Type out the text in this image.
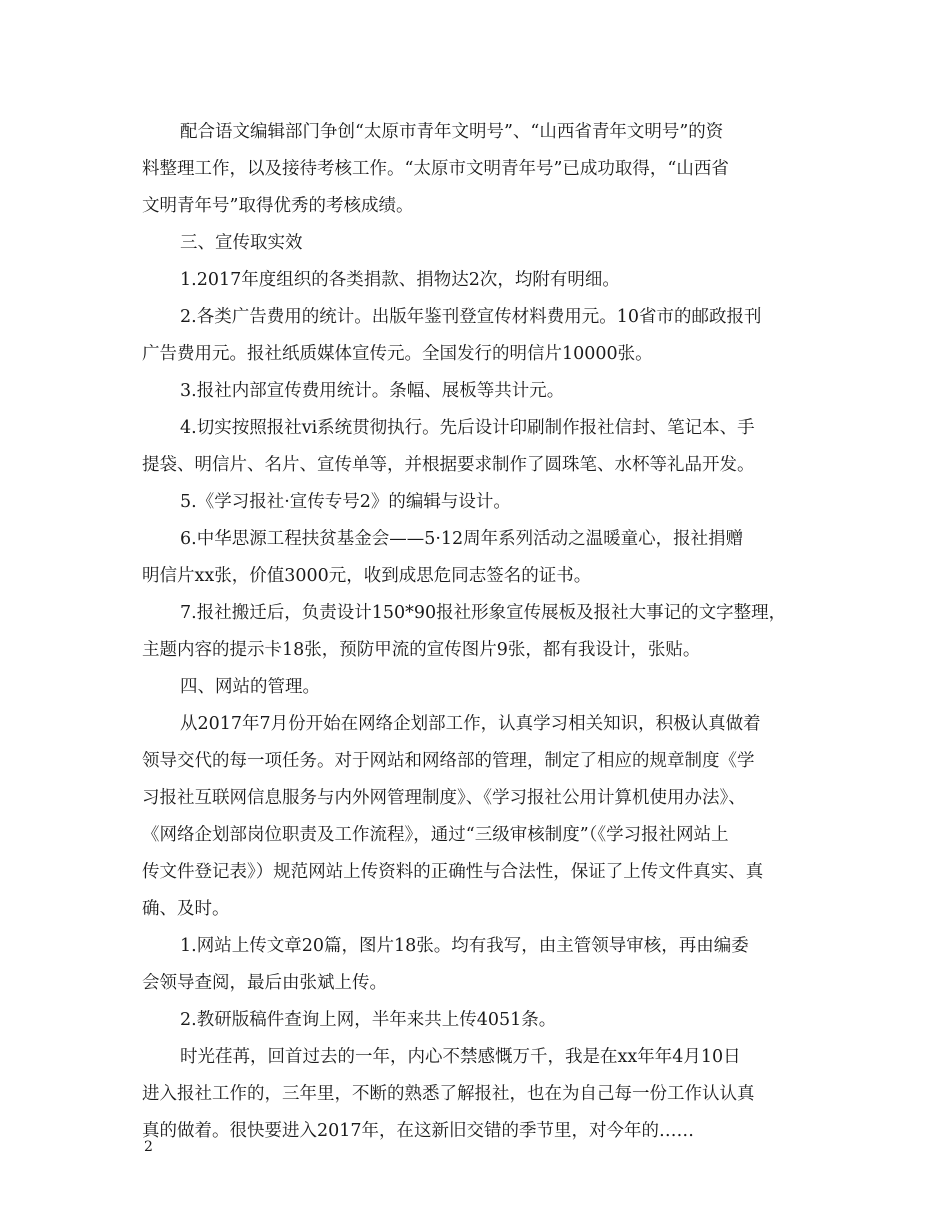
配合语文编辑部门争创“太原市青年文明号”、“山西省青年文明号”的资
料整理工作，以及接待考核工作。“太原市文明青年号”已成功取得，“山西省
文明青年号”取得优秀的考核成绩。
三、宣传取实效
1.2017年度组织的各类捐款、捐物达2次，均附有明细。
2.各类广告费用的统计。出版年鉴刊登宣传材料费用元。10省市的邮政报刊
广告费用元。报社纸质媒体宣传元。全国发行的明信片10000张。
3.报社内部宣传费用统计。条幅、展板等共计元。
4.切实按照报社vi系统贯彻执行。先后设计印刷制作报社信封、笔记本、手
提袋、明信片、名片、宣传单等，并根据要求制作了圆珠笔、水杯等礼品开发。
5.《学习报社·宣传专号2》的编辑与设计。
6.中华思源工程扶贫基金会——5·12周年系列活动之温暖童心，报社捐赠
明信片xx张，价值3000元，收到成思危同志签名的证书。
7.报社搬迁后，负责设计150*90报社形象宣传展板及报社大事记的文字整理，
主题内容的提示卡18张，预防甲流的宣传图片9张，都有我设计，张贴。
四、网站的管理。
从2017年7月份开始在网络企划部工作，认真学习相关知识，积极认真做着
领导交代的每一项任务。对于网站和网络部的管理，制定了相应的规章制度《学
习报社互联网信息服务与内外网管理制度》、《学习报社公用计算机使用办法》、
《网络企划部岗位职责及工作流程》，通过“三级审核制度”（《学习报社网站上
传文件登记表》）规范网站上传资料的正确性与合法性，保证了上传文件真实、真
确、及时。
1.网站上传文章20篇，图片18张。均有我写，由主管领导审核，再由编委
会领导查阅，最后由张斌上传。
2.教研版稿件查询上网，半年来共上传4051条。
时光荏苒，回首过去的一年，内心不禁感慨万千，我是在xx年年4月10日
进入报社工作的，三年里，不断的熟悉了解报社，也在为自己每一份工作认认真
真的做着。很快要进入2017年，在这新旧交错的季节里，对今年的……
2
